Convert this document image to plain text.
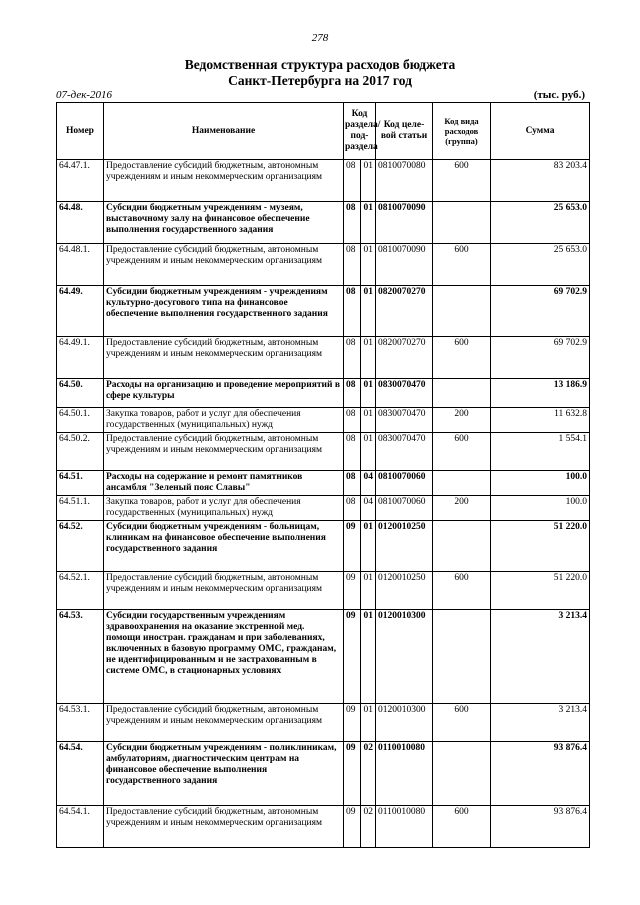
278
Ведомственная структура расходов бюджета
Санкт-Петербурга на 2017 год
07-дек-2016	(тыс. руб.)
Номер	Наименование	Код раздела/ под-раздела		Код целе-вой статьи	Код вида расходов (группа)	Сумма
64.47.1.	Предоставление субсидий бюджетным, автономным учреждениям и иным некоммерческим организациям	08	01	0810070080	600	83 203.4
64.48.	Субсидии бюджетным учреждениям - музеям, выставочному залу на финансовое обеспечение выполнения государственного задания	08	01	0810070090		25 653.0
64.48.1.	Предоставление субсидий бюджетным, автономным учреждениям и иным некоммерческим организациям	08	01	0810070090	600	25 653.0
64.49.	Субсидии бюджетным учреждениям - учреждениям культурно-досугового типа на финансовое обеспечение выполнения государственного задания	08	01	0820070270		69 702.9
64.49.1.	Предоставление субсидий бюджетным, автономным учреждениям и иным некоммерческим организациям	08	01	0820070270	600	69 702.9
64.50.	Расходы на организацию и проведение мероприятий в сфере культуры	08	01	0830070470		13 186.9
64.50.1.	Закупка товаров, работ и услуг для обеспечения государственных (муниципальных) нужд	08	01	0830070470	200	11 632.8
64.50.2.	Предоставление субсидий бюджетным, автономным учреждениям и иным некоммерческим организациям	08	01	0830070470	600	1 554.1
64.51.	Расходы на содержание и ремонт памятников ансамбля "Зеленый пояс Славы"	08	04	0810070060		100.0
64.51.1.	Закупка товаров, работ и услуг для обеспечения государственных (муниципальных) нужд	08	04	0810070060	200	100.0
64.52.	Субсидии бюджетным учреждениям - больницам, клиникам на финансовое обеспечение выполнения государственного задания	09	01	0120010250		51 220.0
64.52.1.	Предоставление субсидий бюджетным, автономным учреждениям и иным некоммерческим организациям	09	01	0120010250	600	51 220.0
64.53.	Субсидии государственным учреждениям здравоохранения на оказание экстренной мед. помощи иностран. гражданам и при заболеваниях, включенных в базовую программу ОМС, гражданам, не идентифицированным и не застрахованным в системе ОМС, в стационарных условиях	09	01	0120010300		3 213.4
64.53.1.	Предоставление субсидий бюджетным, автономным учреждениям и иным некоммерческим организациям	09	01	0120010300	600	3 213.4
64.54.	Субсидии бюджетным учреждениям - поликлиникам, амбулаториям, диагностическим центрам на финансовое обеспечение выполнения государственного задания	09	02	0110010080		93 876.4
64.54.1.	Предоставление субсидий бюджетным, автономным учреждениям и иным некоммерческим организациям	09	02	0110010080	600	93 876.4
